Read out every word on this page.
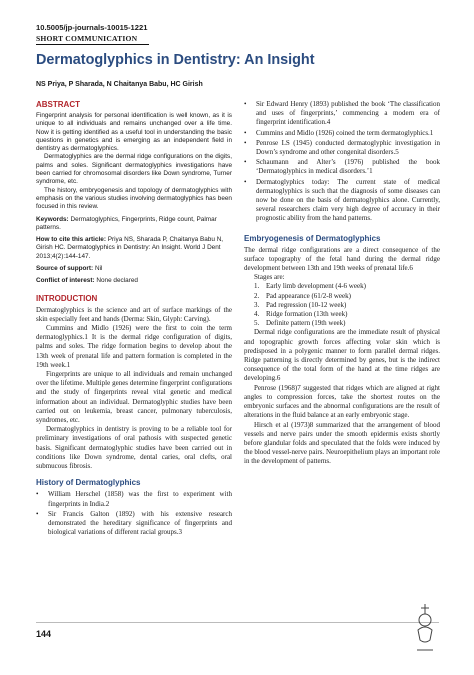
10.5005/jp-journals-10015-1221
SHORT COMMUNICATION
Dermatoglyphics in Dentistry: An Insight
NS Priya, P Sharada, N Chaitanya Babu, HC Girish
ABSTRACT

Fingerprint analysis for personal identification is well known, as it is unique to all individuals and remains unchanged over a life time. Now it is getting identified as a useful tool in understanding the basic questions in genetics and is emerging as an independent field in dentistry as dermatoglyphics.

Dermatoglyphics are the dermal ridge configurations on the digits, palms and soles. Significant dermatoglyphics investigations have been carried for chromosomal disorders like Down syndrome, Turner syndrome, etc.

The history, embryogenesis and topology of dermatoglyphics with emphasis on the various studies involving dermatoglyphics has been focused in this review.

Keywords: Dermatoglyphics, Fingerprints, Ridge count, Palmar patterns.

How to cite this article: Priya NS, Sharada P, Chaitanya Babu N, Girish HC. Dermatoglyphics in Dentistry: An Insight. World J Dent 2013;4(2):144-147.

Source of support: Nil

Conflict of interest: None declared

INTRODUCTION

Dermatoglyphics is the science and art of surface markings of the skin especially feet and hands (Derma: Skin, Glyph: Carving).

Cummins and Midlo (1926) were the first to coin the term dermatoglyphics.1 It is the dermal ridge configuration of digits, palms and soles. The ridge formation begins to develop about the 13th week of prenatal life and pattern formation is completed in the 19th week.1

Fingerprints are unique to all individuals and remain unchanged over the lifetime. Multiple genes determine fingerprint configurations and the study of fingerprints reveal vital genetic and medical information about an individual. Dermatoglyphic studies have been carried out on leukemia, breast cancer, pulmonary tuberculosis, syndromes, etc.

Dermatoglyphics in dentistry is proving to be a reliable tool for preliminary investigations of oral pathosis with suspected genetic basis. Significant dermatoglyphic studies have been carried out in conditions like Down syndrome, dental caries, oral clefts, oral submucous fibrosis.

History of Dermatoglyphics
•	William Herschel (1858) was the first to experiment with fingerprints in India.2
•	Sir Francis Galton (1892) with his extensive research demonstrated the hereditary significance of fingerprints and biological variations of different racial groups.3
•	Sir Edward Henry (1893) published the book ‘The classification and uses of fingerprints,’ commencing a modern era of fingerprint identification.4
•	Cummins and Midlo (1926) coined the term dermatoglyphics.1
•	Penrose LS (1945) conducted dermatoglyphic investigation in Down’s syndrome and other congenital disorders.5
•	Schaumann and Alter’s (1976) published the book ‘Dermatoglyphics in medical disorders.’1
•	Dermatoglyphics today: The current state of medical dermatoglyphics is such that the diagnosis of some diseases can now be done on the basis of dermatoglyphics alone. Currently, several researchers claim very high degree of accuracy in their prognostic ability from the hand patterns.
Embryogenesis of Dermatoglyphics

The dermal ridge configurations are a direct consequence of the surface topography of the fetal hand during the dermal ridge development between 13th and 19th weeks of prenatal life.6

Stages are:

1. Early limb development (4-6 week)
2. Pad appearance (61/2-8 week)
3. Pad regression (10-12 week)
4. Ridge formation (13th week)
5. Definite pattern (19th week)

Dermal ridge configurations are the immediate result of physical and topographic growth forces affecting volar skin which is predisposed in a polygenic manner to form parallel dermal ridges. Ridge patterning is directly determined by genes, but is the indirect consequence of the total form of the hand at the time ridges are developing.6

Penrose (1968)7 suggested that ridges which are aligned at right angles to compression forces, take the shortest routes on the embryonic surfaces and the abnormal configurations are the result of alterations in the fluid balance at an early embryonic stage.

Hirsch et al (1973)8 summarized that the arrangement of blood vessels and nerve pairs under the smooth epidermis exists shortly before glandular folds and speculated that the folds were induced by the blood vessel-nerve pairs. Neuroepithelium plays an important role in the development of patterns.

144
